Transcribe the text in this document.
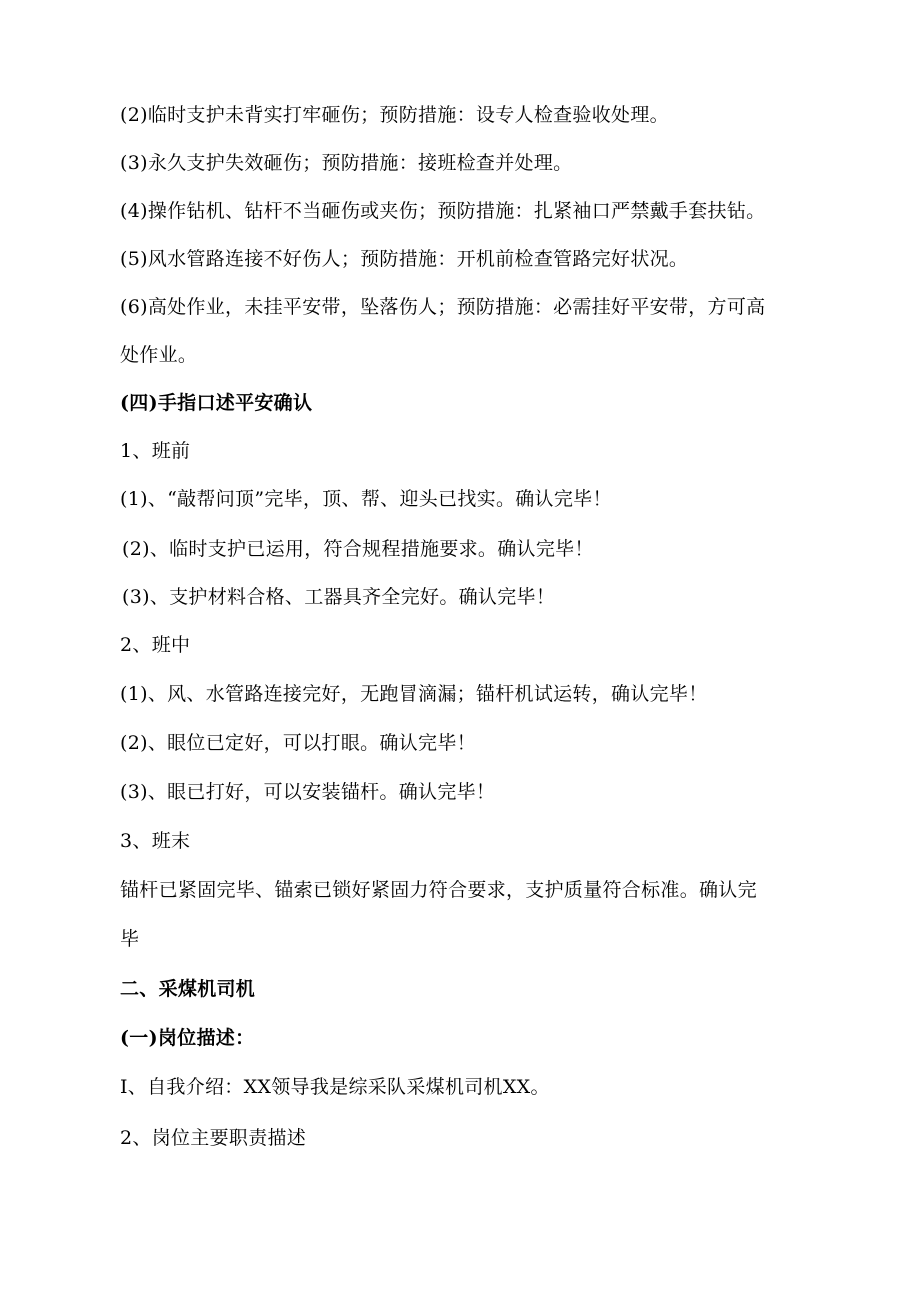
(2)临时支护未背实打牢砸伤；预防措施：设专人检查验收处理。
(3)永久支护失效砸伤；预防措施：接班检查并处理。
(4)操作钻机、钻杆不当砸伤或夹伤；预防措施：扎紧袖口严禁戴手套扶钻。
(5)风水管路连接不好伤人；预防措施：开机前检查管路完好状况。
(6)高处作业，未挂平安带，坠落伤人；预防措施：必需挂好平安带，方可高
处作业。
(四)手指口述平安确认
1、班前
(1)、“敲帮问顶”完毕，顶、帮、迎头已找实。确认完毕！
(2)、临时支护已运用，符合规程措施要求。确认完毕！
(3)、支护材料合格、工器具齐全完好。确认完毕！
2、班中
(1)、风、水管路连接完好，无跑冒滴漏；锚杆机试运转，确认完毕！
(2)、眼位已定好，可以打眼。确认完毕！
(3)、眼已打好，可以安装锚杆。确认完毕！
3、班末
锚杆已紧固完毕、锚索已锁好紧固力符合要求，支护质量符合标准。确认完
毕
二、采煤机司机
(一)岗位描述：
I、自我介绍：XX领导我是综采队采煤机司机XX。
2、岗位主要职责描述
